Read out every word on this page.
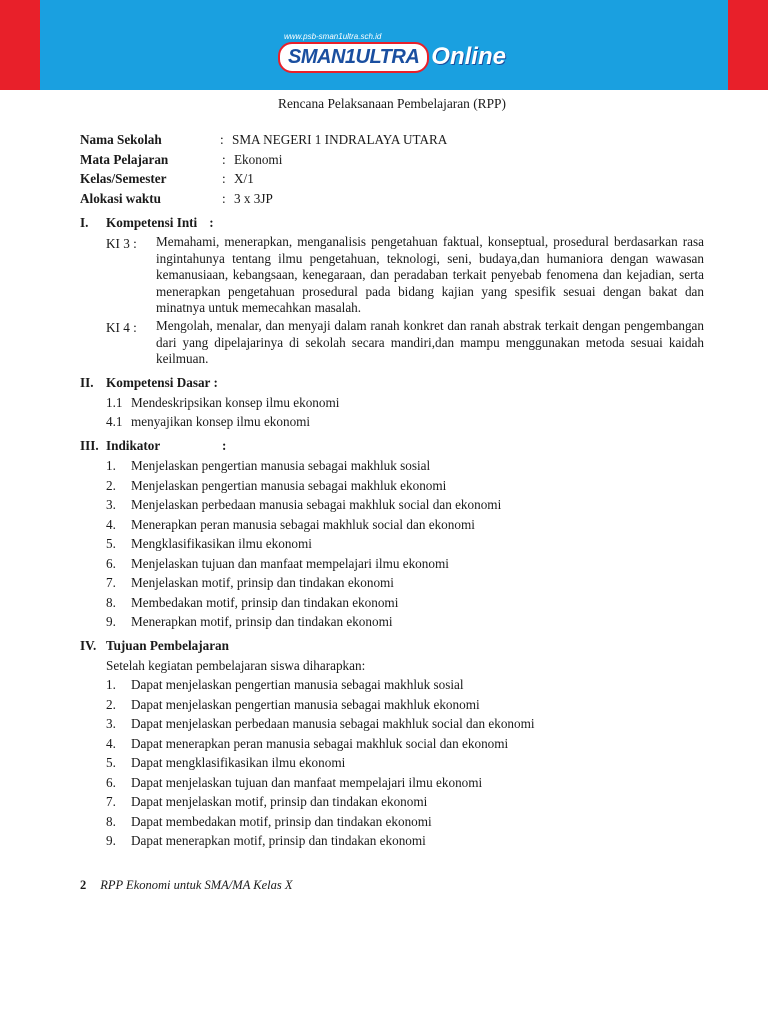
www.psb-sman1ultra.sch.id
SMAN1ULTRA Online
Rencana Pelaksanaan Pembelajaran (RPP)
Nama Sekolah	: SMA NEGERI 1 INDRALAYA UTARA
Mata Pelajaran	: Ekonomi
Kelas/Semester	: X/1
Alokasi waktu	: 3 x 3JP
I.	Kompetensi Inti :
KI 3 :	Memahami, menerapkan, menganalisis pengetahuan faktual, konseptual, prosedural berdasarkan rasa ingintahunya tentang ilmu pengetahuan, teknologi, seni, budaya,dan humaniora dengan wawasan kemanusiaan, kebangsaan, kenegaraan, dan peradaban terkait penyebab fenomena dan kejadian, serta menerapkan pengetahuan prosedural pada bidang kajian yang spesifik sesuai dengan bakat dan minatnya untuk memecahkan masalah.
KI 4 :	Mengolah, menalar, dan menyaji dalam ranah konkret dan ranah abstrak terkait dengan pengembangan dari yang dipelajarinya di sekolah secara mandiri,dan mampu menggunakan metoda sesuai kaidah keilmuan.
II. Kompetensi Dasar :
1.1 Mendeskripsikan konsep ilmu ekonomi
4.1 menyajikan konsep ilmu ekonomi
III. Indikator	:
1.	Menjelaskan pengertian manusia sebagai makhluk sosial
2.	Menjelaskan pengertian manusia sebagai makhluk ekonomi
3.	Menjelaskan perbedaan manusia sebagai makhluk social dan ekonomi
4.	Menerapkan peran manusia sebagai makhluk social dan ekonomi
5.	Mengklasifikasikan ilmu ekonomi
6.	Menjelaskan tujuan dan manfaat mempelajari ilmu ekonomi
7.	Menjelaskan motif, prinsip dan tindakan ekonomi
8.	Membedakan motif, prinsip dan tindakan ekonomi
9.	Menerapkan motif, prinsip dan tindakan ekonomi
IV. Tujuan Pembelajaran
Setelah kegiatan pembelajaran siswa diharapkan:
1.	Dapat menjelaskan pengertian manusia sebagai makhluk sosial
2.	Dapat menjelaskan pengertian manusia sebagai makhluk ekonomi
3.	Dapat menjelaskan perbedaan manusia sebagai makhluk social dan ekonomi
4.	Dapat menerapkan peran manusia sebagai makhluk social dan ekonomi
5.	Dapat mengklasifikasikan ilmu ekonomi
6.	Dapat menjelaskan tujuan dan manfaat mempelajari ilmu ekonomi
7.	Dapat menjelaskan motif, prinsip dan tindakan ekonomi
8.	Dapat membedakan motif, prinsip dan tindakan ekonomi
9.	Dapat menerapkan motif, prinsip dan tindakan ekonomi
2 RPP Ekonomi untuk SMA/MA Kelas X
